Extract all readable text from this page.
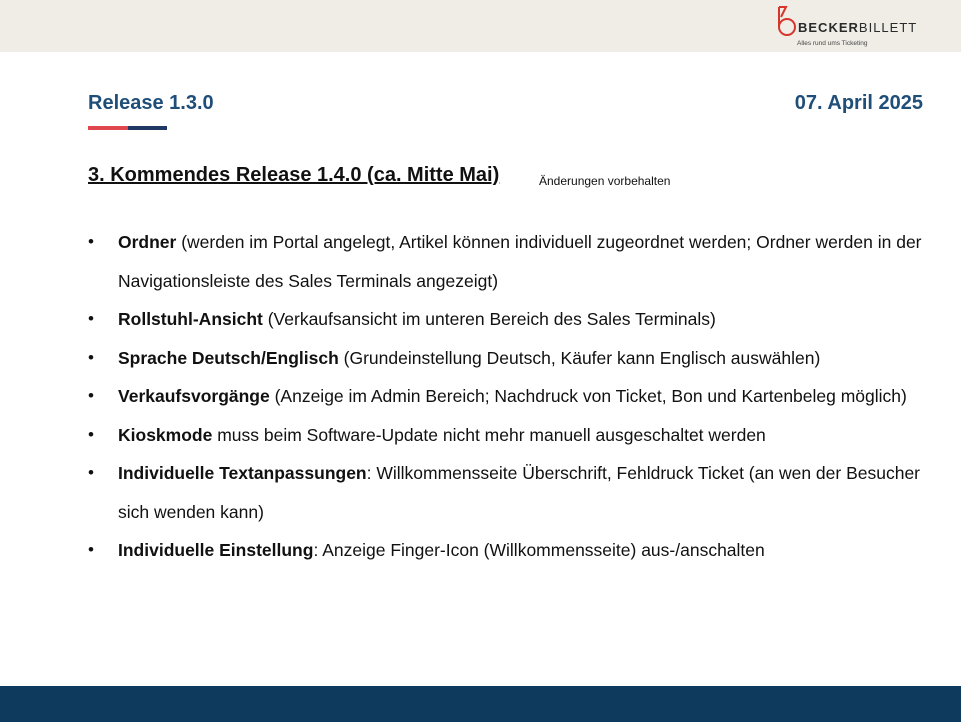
BECKERBILLETT
Alles rund ums Ticketing
Release 1.3.0	07. April 2025
3. Kommendes Release 1.4.0 (ca. Mitte Mai)	Änderungen vorbehalten
• Ordner (werden im Portal angelegt, Artikel können individuell zugeordnet werden; Ordner werden in der Navigationsleiste des Sales Terminals angezeigt)
• Rollstuhl-Ansicht (Verkaufsansicht im unteren Bereich des Sales Terminals)
• Sprache Deutsch/Englisch (Grundeinstellung Deutsch, Käufer kann Englisch auswählen)
• Verkaufsvorgänge (Anzeige im Admin Bereich; Nachdruck von Ticket, Bon und Kartenbeleg möglich)
• Kioskmode muss beim Software-Update nicht mehr manuell ausgeschaltet werden
• Individuelle Textanpassungen: Willkommensseite Überschrift, Fehldruck Ticket (an wen der Besucher sich wenden kann)
• Individuelle Einstellung: Anzeige Finger-Icon (Willkommensseite) aus-/anschalten
